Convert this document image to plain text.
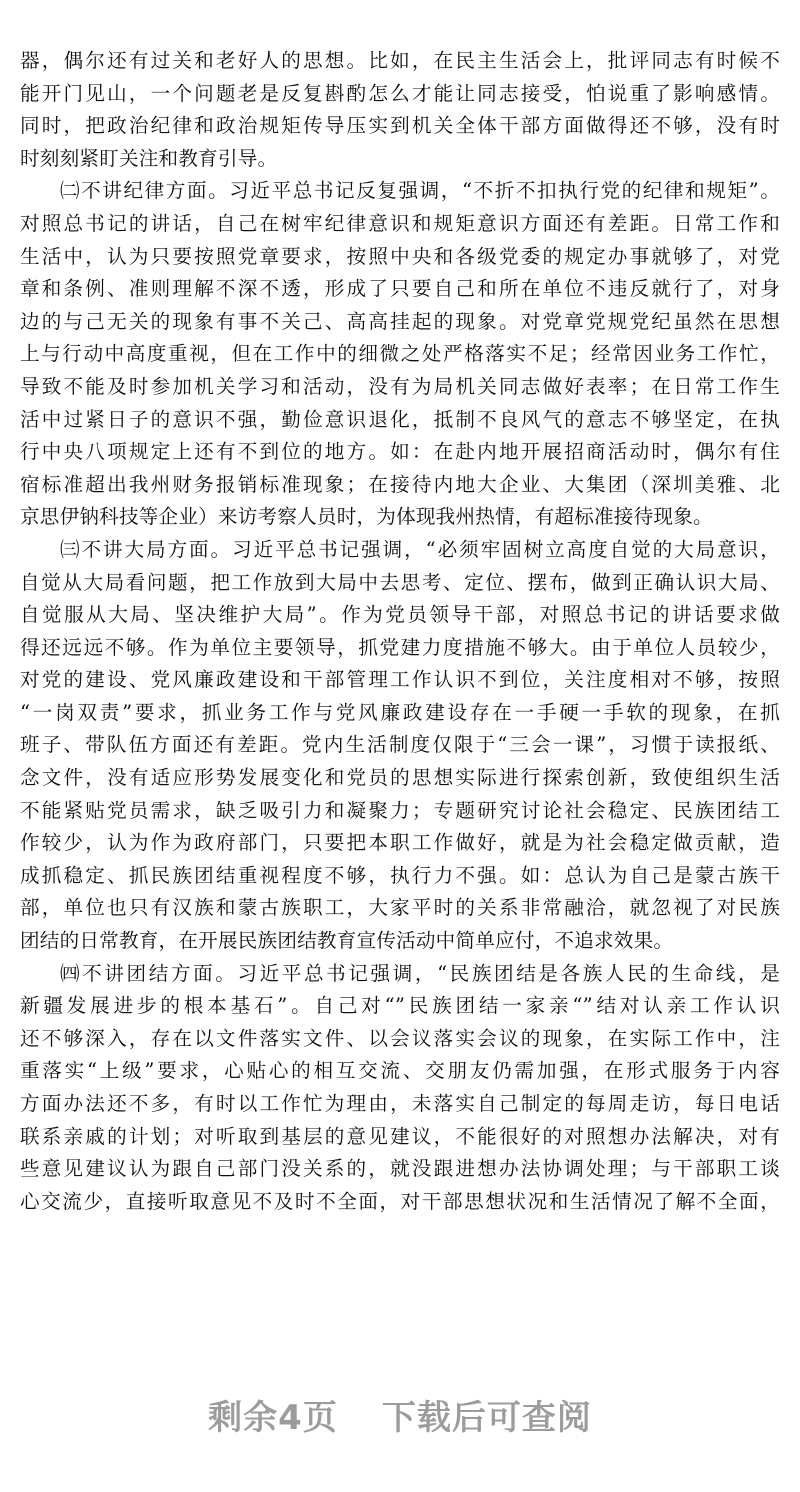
器，偶尔还有过关和老好人的思想。比如，在民主生活会上，批评同志有时候不
能开门见山，一个问题老是反复斟酌怎么才能让同志接受，怕说重了影响感情。
同时，把政治纪律和政治规矩传导压实到机关全体干部方面做得还不够，没有时
时刻刻紧盯关注和教育引导。
㈡不讲纪律方面。习近平总书记反复强调，“不折不扣执行党的纪律和规矩”。
对照总书记的讲话，自己在树牢纪律意识和规矩意识方面还有差距。日常工作和
生活中，认为只要按照党章要求，按照中央和各级党委的规定办事就够了，对党
章和条例、准则理解不深不透，形成了只要自己和所在单位不违反就行了，对身
边的与己无关的现象有事不关己、高高挂起的现象。对党章党规党纪虽然在思想
上与行动中高度重视，但在工作中的细微之处严格落实不足；经常因业务工作忙，
导致不能及时参加机关学习和活动，没有为局机关同志做好表率；在日常工作生
活中过紧日子的意识不强，勤俭意识退化，抵制不良风气的意志不够坚定，在执
行中央八项规定上还有不到位的地方。如：在赴内地开展招商活动时，偶尔有住
宿标准超出我州财务报销标准现象；在接待内地大企业、大集团（深圳美雅、北
京思伊钠科技等企业）来访考察人员时，为体现我州热情，有超标准接待现象。
㈢不讲大局方面。习近平总书记强调，“必须牢固树立高度自觉的大局意识，
自觉从大局看问题，把工作放到大局中去思考、定位、摆布，做到正确认识大局、
自觉服从大局、坚决维护大局”。作为党员领导干部，对照总书记的讲话要求做
得还远远不够。作为单位主要领导，抓党建力度措施不够大。由于单位人员较少，
对党的建设、党风廉政建设和干部管理工作认识不到位，关注度相对不够，按照
“一岗双责”要求，抓业务工作与党风廉政建设存在一手硬一手软的现象，在抓
班子、带队伍方面还有差距。党内生活制度仅限于“三会一课”，习惯于读报纸、
念文件，没有适应形势发展变化和党员的思想实际进行探索创新，致使组织生活
不能紧贴党员需求，缺乏吸引力和凝聚力；专题研究讨论社会稳定、民族团结工
作较少，认为作为政府部门，只要把本职工作做好，就是为社会稳定做贡献，造
成抓稳定、抓民族团结重视程度不够，执行力不强。如：总认为自己是蒙古族干
部，单位也只有汉族和蒙古族职工，大家平时的关系非常融洽，就忽视了对民族
团结的日常教育，在开展民族团结教育宣传活动中简单应付，不追求效果。
㈣不讲团结方面。习近平总书记强调，“民族团结是各族人民的生命线，是
新疆发展进步的根本基石”。自己对“”民族团结一家亲“”结对认亲工作认识
还不够深入，存在以文件落实文件、以会议落实会议的现象，在实际工作中，注
重落实“上级”要求，心贴心的相互交流、交朋友仍需加强，在形式服务于内容
方面办法还不多，有时以工作忙为理由，未落实自己制定的每周走访，每日电话
联系亲戚的计划；对听取到基层的意见建议，不能很好的对照想办法解决，对有
些意见建议认为跟自己部门没关系的，就没跟进想办法协调处理；与干部职工谈
心交流少，直接听取意见不及时不全面，对干部思想状况和生活情况了解不全面，
剩余4页 下载后可查阅
